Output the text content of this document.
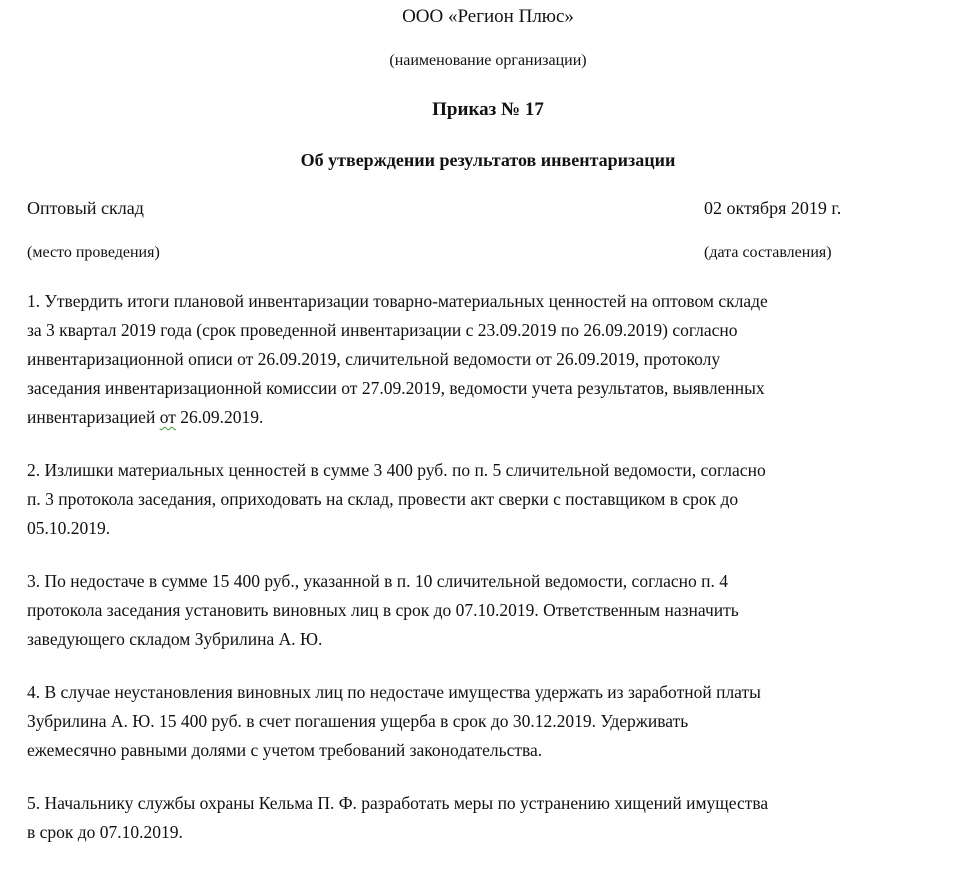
ООО «Регион Плюс»
(наименование организации)
Приказ № 17
Об утверждении результатов инвентаризации
Оптовый склад
(место проведения)
02 октября 2019 г.
(дата составления)
1. Утвердить итоги плановой инвентаризации товарно-материальных ценностей на оптовом складе
за 3 квартал 2019 года (срок проведенной инвентаризации с 23.09.2019 по 26.09.2019) согласно
инвентаризационной описи от 26.09.2019, сличительной ведомости от 26.09.2019, протоколу
заседания инвентаризационной комиссии от 27.09.2019, ведомости учета результатов, выявленных
инвентаризацией от 26.09.2019.
2. Излишки материальных ценностей в сумме 3 400 руб. по п. 5 сличительной ведомости, согласно
п. 3 протокола заседания, оприходовать на склад, провести акт сверки с поставщиком в срок до
05.10.2019.
3. По недостаче в сумме 15 400 руб., указанной в п. 10 сличительной ведомости, согласно п. 4
протокола заседания установить виновных лиц в срок до 07.10.2019. Ответственным назначить
заведующего складом Зубрилина А. Ю.
4. В случае неустановления виновных лиц по недостаче имущества удержать из заработной платы
Зубрилина А. Ю. 15 400 руб. в счет погашения ущерба в срок до 30.12.2019. Удерживать
ежемесячно равными долями с учетом требований законодательства.
5. Начальнику службы охраны Кельма П. Ф. разработать меры по устранению хищений имущества
в срок до 07.10.2019.
